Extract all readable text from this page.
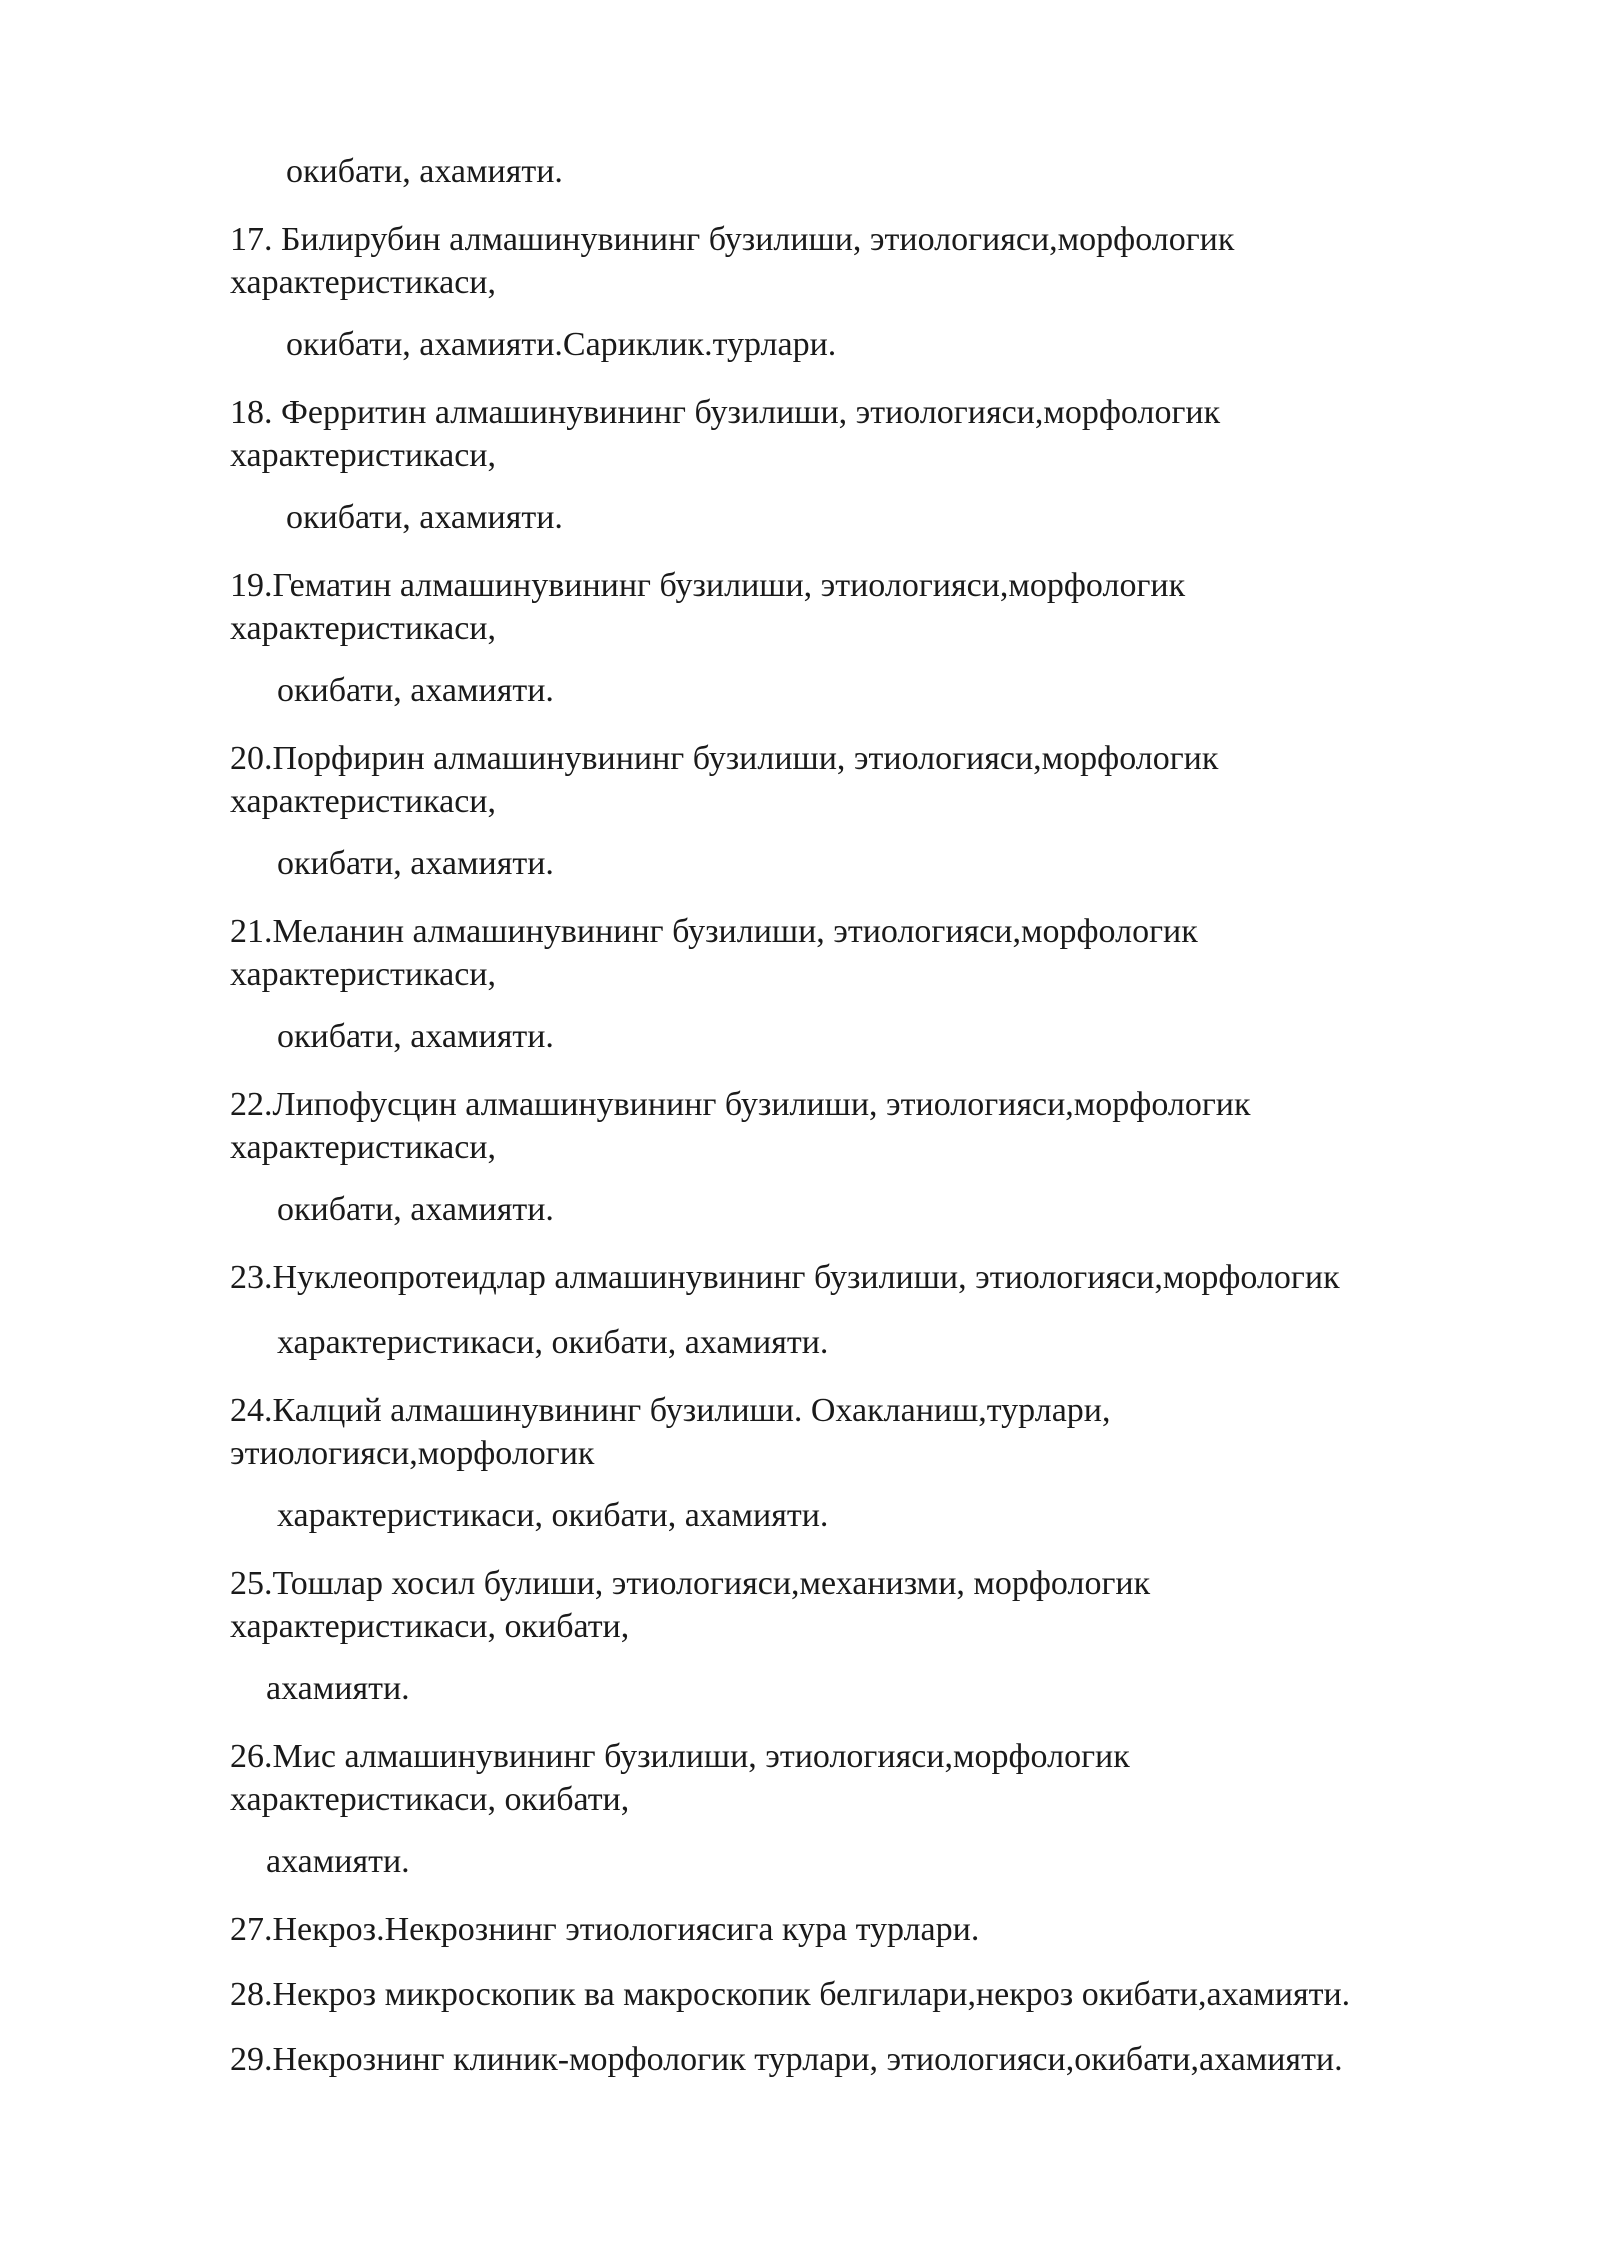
окибати, ахамияти.

17. Билирубин алмашинувининг бузилиши, этиологияси,морфологик

характеристикаси,

окибати, ахамияти.Сариклик.турлари.

18. Ферритин алмашинувининг бузилиши, этиологияси,морфологик

характеристикаси,

окибати, ахамияти.

19.Гематин алмашинувининг бузилиши, этиологияси,морфологик

характеристикаси,

окибати, ахамияти.

20.Порфирин алмашинувининг бузилиши, этиологияси,морфологик

характеристикаси,

окибати, ахамияти.

21.Меланин алмашинувининг бузилиши, этиологияси,морфологик

характеристикаси,

окибати, ахамияти.

22.Липофусцин алмашинувининг бузилиши, этиологияси,морфологик

характеристикаси,

окибати, ахамияти.

23.Нуклеопротеидлар алмашинувининг бузилиши, этиологияси,морфологик

характеристикаси, окибати, ахамияти.

24.Калций алмашинувининг бузилиши. Охакланиш,турлари,

этиологияси,морфологик

характеристикаси, окибати, ахамияти.

25.Тошлар хосил булиши, этиологияси,механизми, морфологик

характеристикаси, окибати,

ахамияти.

26.Мис алмашинувининг бузилиши, этиологияси,морфологик

характеристикаси, окибати,

ахамияти.

27.Некроз.Некрознинг этиологиясига кура турлари.

28.Некроз микроскопик ва макроскопик белгилари,некроз окибати,ахамияти.

29.Некрознинг клиник-морфологик турлари, этиологияси,окибати,ахамияти.
